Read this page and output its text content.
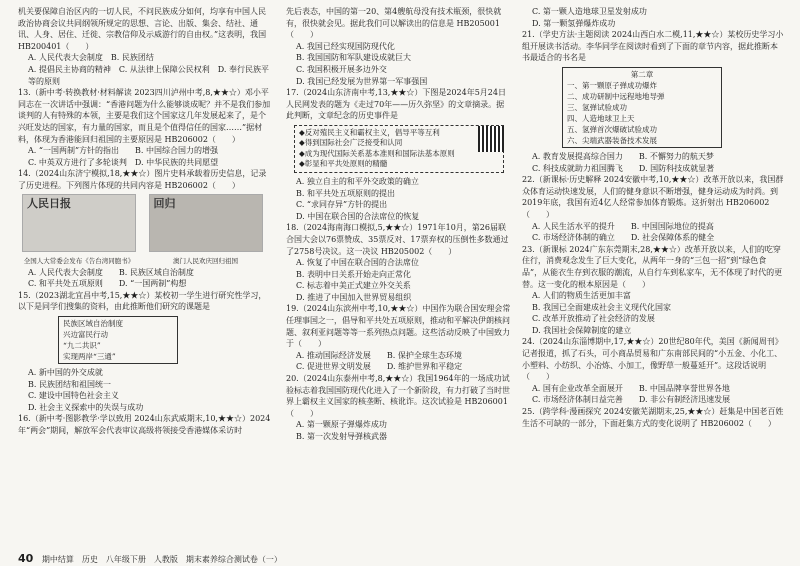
机关要保障自治区内的一切人民，不问民族成分如何，均享有中国人民政治协商会议共同纲领所规定的思想、言论、出版、集会、结社、通讯、人身、居住、迁徙、宗教信仰及示威游行的自由权。”这表明，我国 HB200401（　　）

A. 人民代表大会制度　B. 民族团结

A. 提倡民主协商的精神　C. 从法律上保障公民权利　D. 奉行民族平等的原则

13.（新中考·转换教材·材料解读 2023四川泸州中考,8,★★☆）邓小平同志在一次讲话中强调：“香港问题为什么能够谈成呢？并不是我们参加谈判的人有特殊的本领，主要是我们这个国家这几年发展起来了，是个兴旺发达的国家，有力量的国家，而且是个值得信任的国家……”据材料，体现为香港能回归祖国的主要原因是 HB206002（　　）

A. “一国两制”方针的指出　　B. 中国综合国力的增强

C. 中英双方进行了多轮谈判　D. 中华民族的共同愿望

14.（2024山东济宁模拟,18,★★☆）图片史料承载着历史信息，记录了历史进程。下列图片体现的共同内容是 HB206002（　　）

人民日报

全国人大常委会发布《告台湾同胞书》
回归

澳门人民欢庆回归祖国

A. 人民代表大会制度　　B. 民族区域自治制度

C. 和平共处五项原则　　D. “一国两制”构想

15.（2023湖北宜昌中考,15,★★☆）某校初一学生进行研究性学习，以下是同学们搜集的资料，由此推断他们研究的课题是

民族区域自治制度
兴边富民行动
“九二共识”
实现两岸“三通”

A. 新中国的外交成就

B. 民族团结和祖国统一

C. 建设中国特色社会主义

D. 社会主义探索中的失误与成功

16.（新中考·图影教学·学以致用 2024山东武威期末,10,★★☆）2024年“两会”期间，解放军会代表审议高级将领接受香港媒体采访时

先后表态，中国的第一20、第4艘航母没有技术瓶颈，很快就有，很快就会见。据此我们可以解读出的信息是 HB205001（　　）

A. 我国已经实现国防现代化

B. 我国国防和军队建设成就巨大

C. 我国积极开展多边外交

D. 我国已经发展为世界第一军事强国

17.（2024山东济南中考,13,★★☆）下图是2024年5月24日人民网发表的题为《走过70年——历久弥坚》的文章摘录。据此判断，文章纪念的历史事件是

◆反对殖民主义和霸权主义，倡导平等互利
◆得到国际社会广泛接受和认同
◆成为现代国际关系基本准则和国际法基本原则
◆彰显和平共处原则的精髓

A. 独立自主的和平外交政策的确立

B. 和平共处五项原则的提出

C. “求同存异”方针的提出

D. 中国在联合国的合法席位的恢复

18.（2024海南海口模拟,5,★★☆）1971年10月，第26届联合国大会以76票赞成、35票反对、17票弃权的压倒性多数通过了2758号决议。这一决议 HB205002（　　）

A. 恢复了中国在联合国的合法席位

B. 表明中日关系开始走向正常化

C. 标志着中美正式建立外交关系

D. 推进了中国加入世界贸易组织

19.（2024山东滨州中考,10,★★☆）中国作为联合国安理会常任理事国之一，倡导和平共处五项原则，推动和平解决伊朗核问题、叙利亚问题等等一系列热点问题。这些活动反映了中国致力于（　　）

A. 推动国际经济发展　　B. 保护全球生态环境

C. 促进世界文明发展　　D. 维护世界和平稳定

20.（2024山东泰州中考,8,★★☆）我国1964年的一场成功试验标志着我国国防现代化进入了一个新阶段，有力打破了当时世界上霸权主义国家的核垄断、核讹诈。这次试验是 HB206001（　　）

A. 第一颗原子弹爆炸成功

B. 第一次发射导弹核武器

C. 第一颗人造地球卫星发射成功

D. 第一颗氢弹爆炸成功

21.（学史方法·主题阅读 2024山西白水二模,11,★★☆）某校历史学习小组开展读书活动。李华同学在阅读时看到了下面的章节内容，据此推断本书最适合的书名是

第二章
一、第一颗原子弹成功爆炸
二、成功研制中远程地地导弹
三、氢弹试验成功
四、人造地球卫上天
五、氢弹首次爆破试验成功
六、尖端武器装备技术发展

A. 教育发展提高综合国力　　B. 不懈努力的航天梦

C. 科技成就助力祖国腾飞　　D. 国防科技成就显著

22.（新课标·历史解释 2024安徽中考,10,★★☆）改革开放以来，我国群众体育运动快速发展，人们的健身意识不断增强，健身运动成为时尚。到2019年底，我国有近4亿人经常参加体育锻炼。这折射出 HB206002（　　）

A. 人民生活水平的提升　　B. 中国国际地位的提高

C. 市场经济体制的确立　　D. 社会保障体系的健全

23.（新课标 2024广东东莞期末,28,★★☆）改革开放以来，人们的吃穿住行，消费观念发生了巨大变化，从两年一身的“三包一招”到“绿色食品”，从能衣生存到衣服的潮流，从自行车到私家车，无不体现了时代的更替。这一变化的根本原因是（　　）

A. 人们的物质生活更加丰富

B. 我国已全面建成社会主义现代化国家

C. 改革开放推动了社会经济的发展

D. 我国社会保障制度的建立

24.（2024山东淄博期中,17,★★☆）20世纪80年代，美国《新闻周刊》记者报道，抓了石头，可小商品贸易和广东南部民间的“小五金、小化工、小塑料、小纺织、小冶炼、小加工，像野草一般蔓延开”。这段话说明（　　）

A. 国有企业改革全面展开　　B. 中国品牌享誉世界各地

C. 市场经济体制日益完善　　D. 非公有制经济迅速发展

25.（跨学科·漫画探究 2024安徽芜湖期末,25,★★☆）赶集是中国老百姓生活不可缺的一部分，下面赶集方式的变化说明了 HB206002（　　）

40 期中结算　历史　八年级下册　人教版　期末素养综合测试卷（一）
